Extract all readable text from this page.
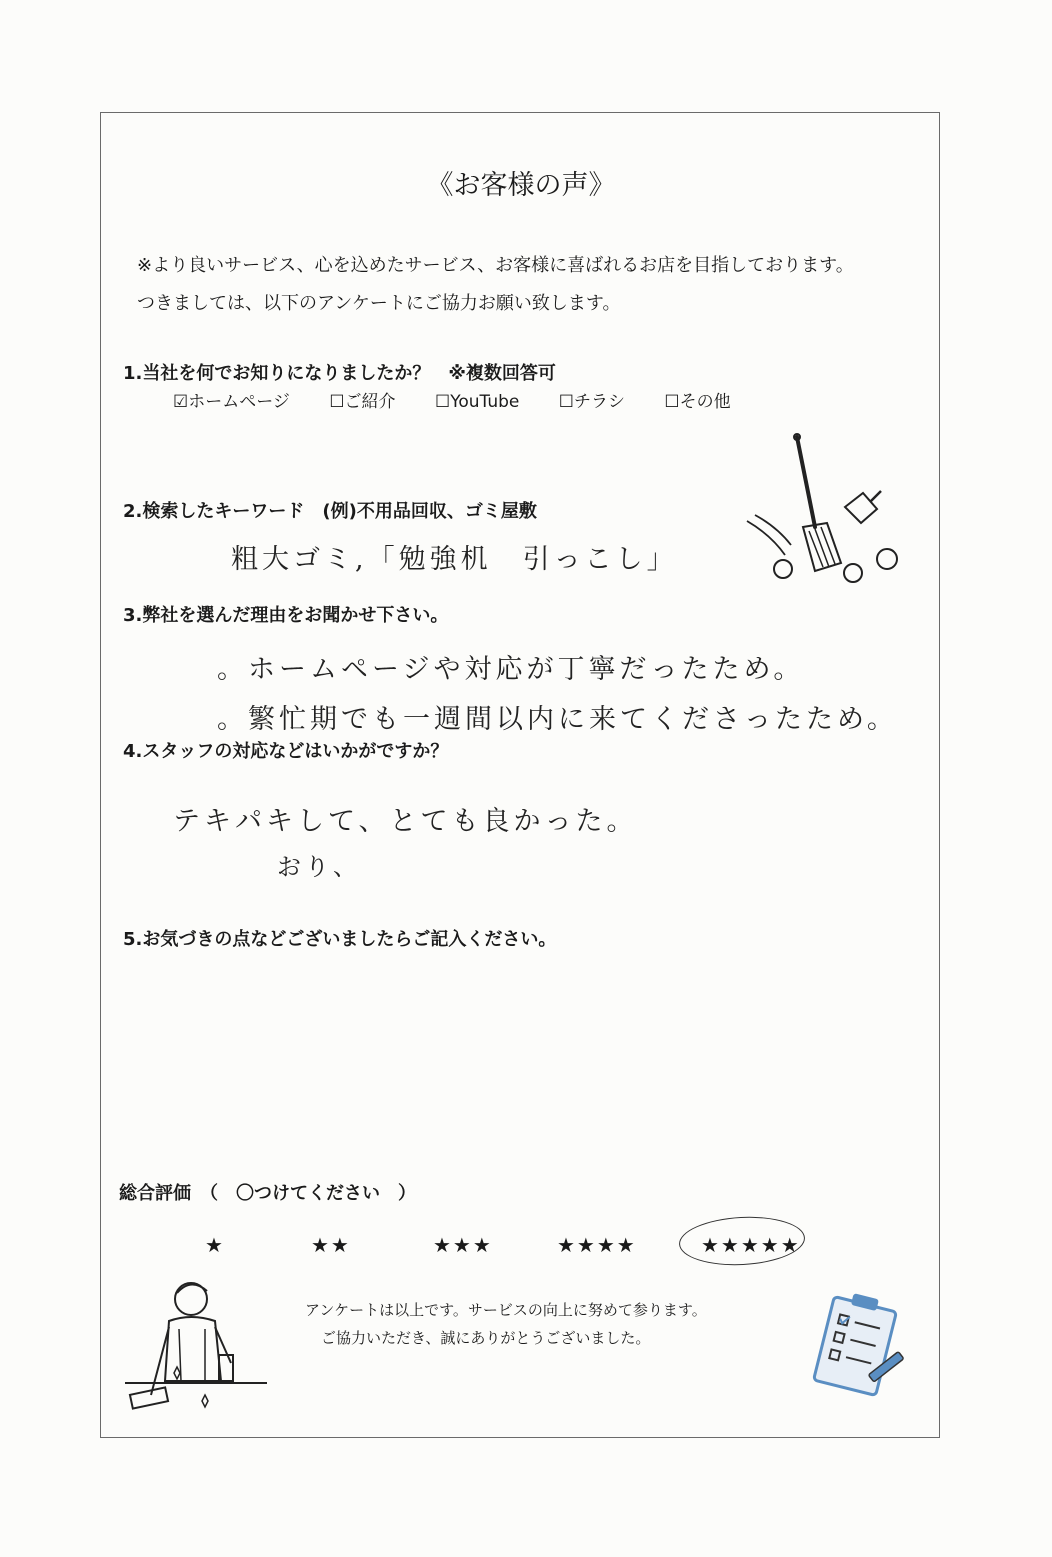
《お客様の声》
※より良いサービス、心を込めたサービス、お客様に喜ばれるお店を目指しております。
つきましては、以下のアンケートにご協力お願い致します。
1.当社を何でお知りになりましたか？　※複数回答可
☑ホームページ ☐ご紹介 ☐YouTube ☐チラシ ☐その他
2.検索したキーワード　(例)不用品回収、ゴミ屋敷
粗大ゴミ,「勉強机　引っこし」
3.弊社を選んだ理由をお聞かせ下さい。
。ホームページや対応が丁寧だったため。
。繁忙期でも一週間以内に来てくださったため。
4.スタッフの対応などはいかがですか？
テキパキして、とても良かった。
おり、
5.お気づきの点などございましたらご記入ください。
総合評価　（　〇つけてください　）
★	★★	★★★	★★★★	★★★★★
アンケートは以上です。サービスの向上に努めて参ります。
ご協力いただき、誠にありがとうございました。
